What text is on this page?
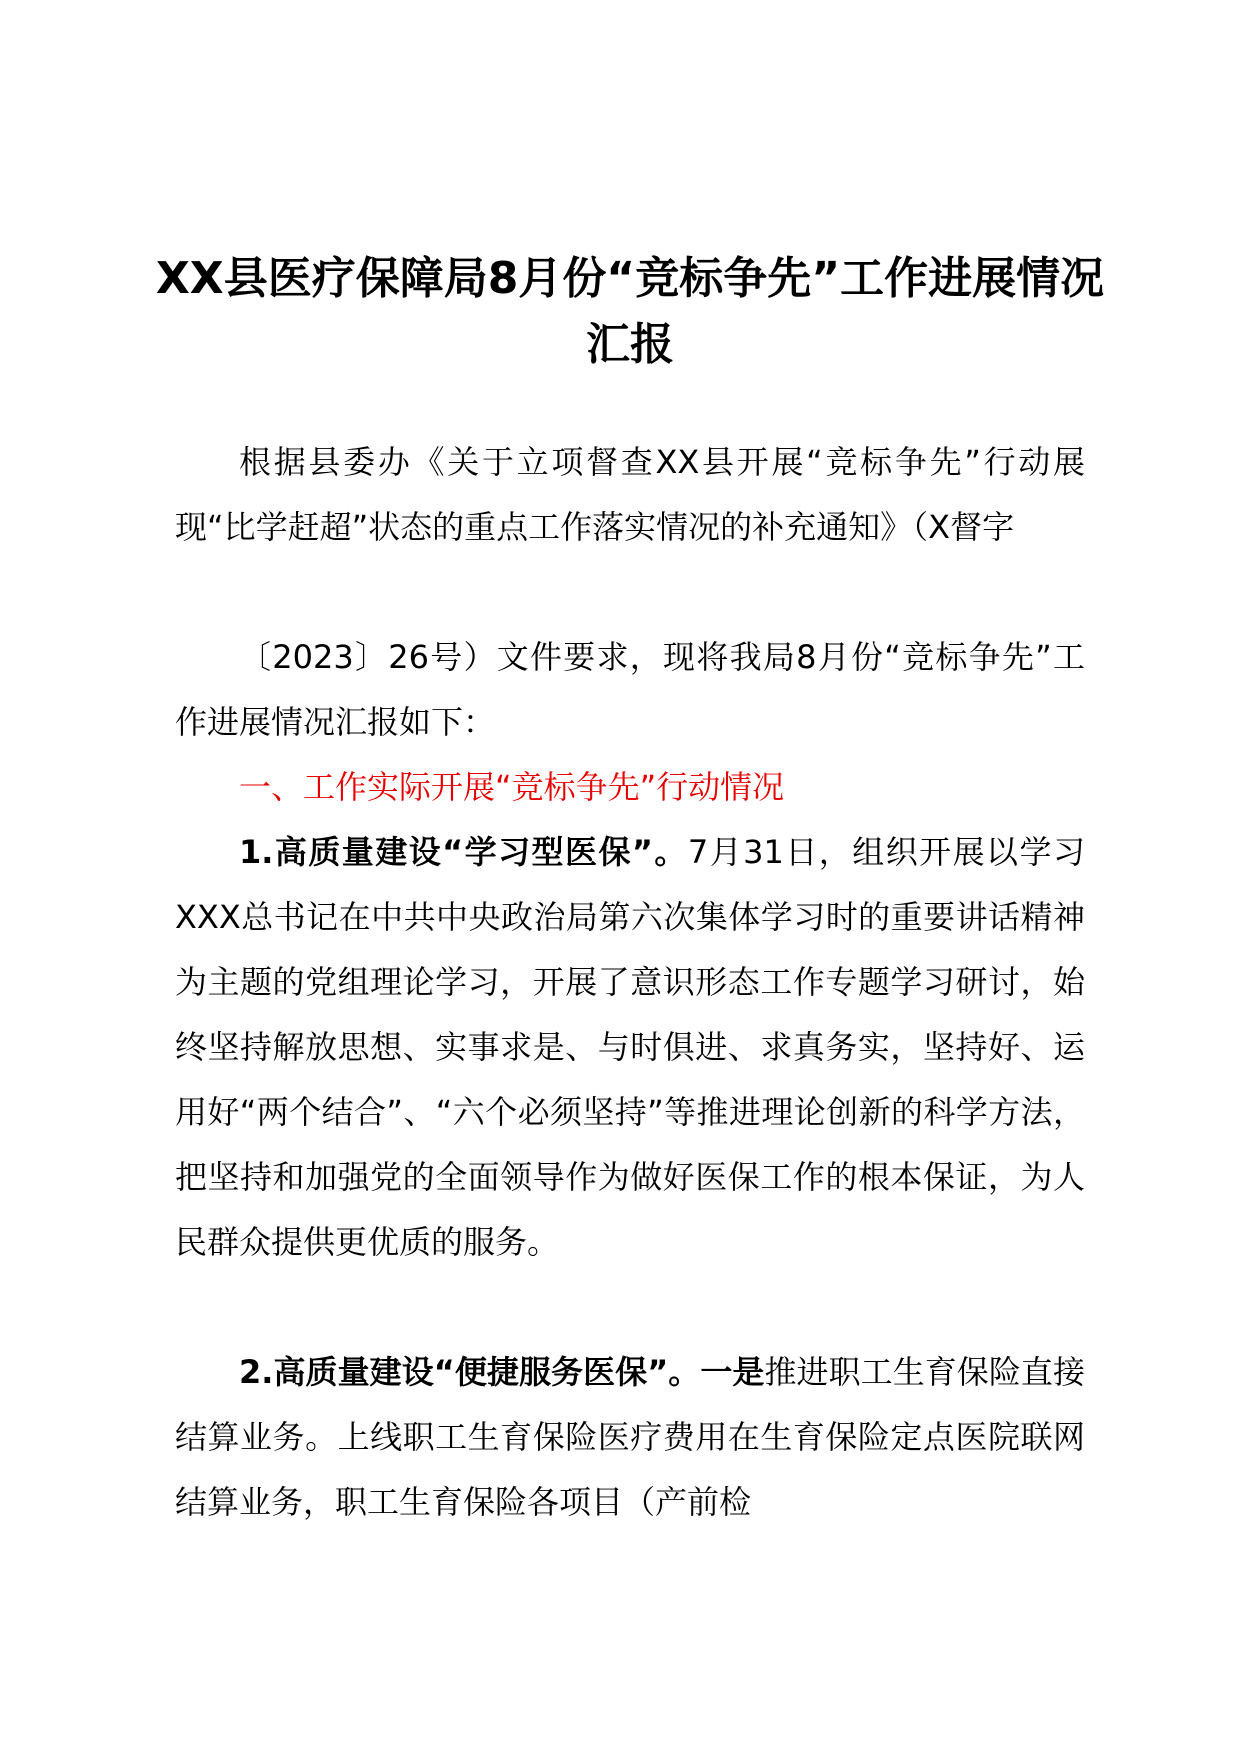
XX县医疗保障局8月份“竞标争先”工作进展情况汇报

根据县委办《关于立项督查XX县开展“竞标争先”行动展现“比学赶超”状态的重点工作落实情况的补充通知》（X督字

〔2023〕26号）文件要求，现将我局8月份“竞标争先”工作进展情况汇报如下：

一、工作实际开展“竞标争先”行动情况

1.高质量建设“学习型医保”。7月31日，组织开展以学习XXX总书记在中共中央政治局第六次集体学习时的重要讲话精神为主题的党组理论学习，开展了意识形态工作专题学习研讨，始终坚持解放思想、实事求是、与时俱进、求真务实，坚持好、运用好“两个结合”、“六个必须坚持”等推进理论创新的科学方法，把坚持和加强党的全面领导作为做好医保工作的根本保证，为人民群众提供更优质的服务。

2.高质量建设“便捷服务医保”。一是推进职工生育保险直接结算业务。上线职工生育保险医疗费用在生育保险定点医院联网结算业务，职工生育保险各项目（产前检
